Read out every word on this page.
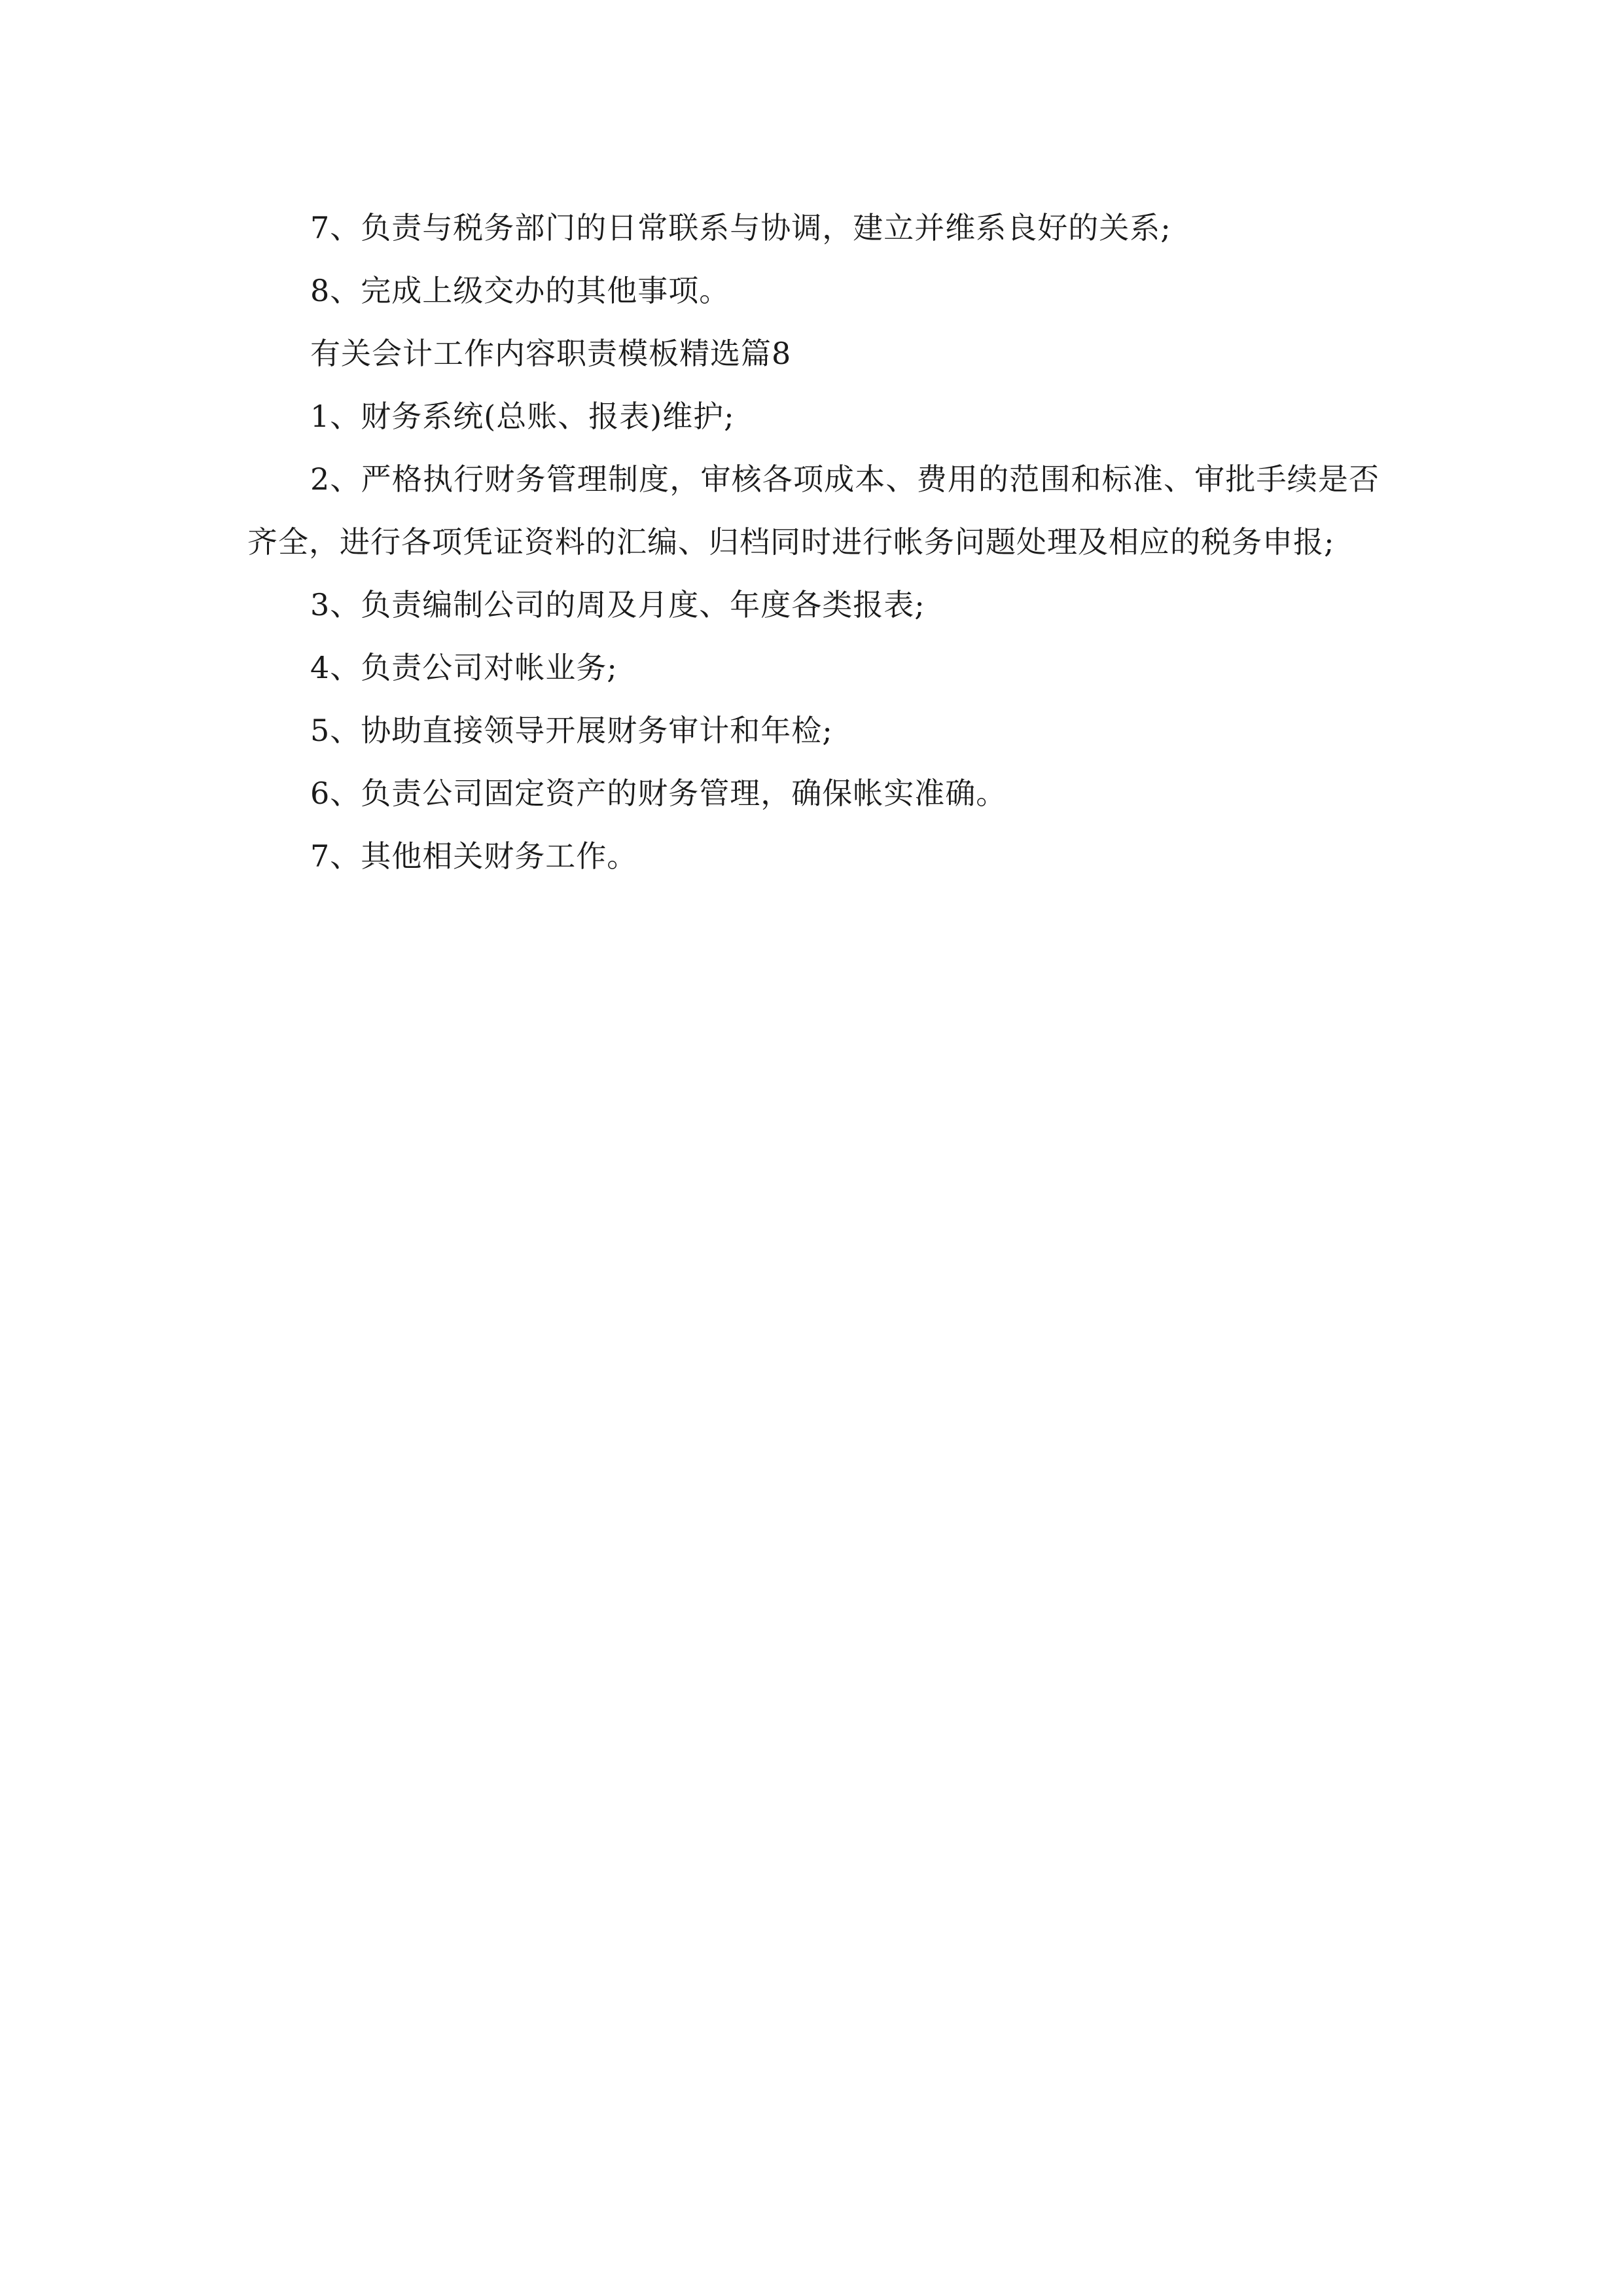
7、负责与税务部门的日常联系与协调，建立并维系良好的关系;

8、完成上级交办的其他事项。

有关会计工作内容职责模板精选篇8

1、财务系统(总账、报表)维护;

2、严格执行财务管理制度，审核各项成本、费用的范围和标准、审批手续是否齐全，进行各项凭证资料的汇编、归档同时进行帐务问题处理及相应的税务申报;

3、负责编制公司的周及月度、年度各类报表;

4、负责公司对帐业务;

5、协助直接领导开展财务审计和年检;

6、负责公司固定资产的财务管理，确保帐实准确。

7、其他相关财务工作。
